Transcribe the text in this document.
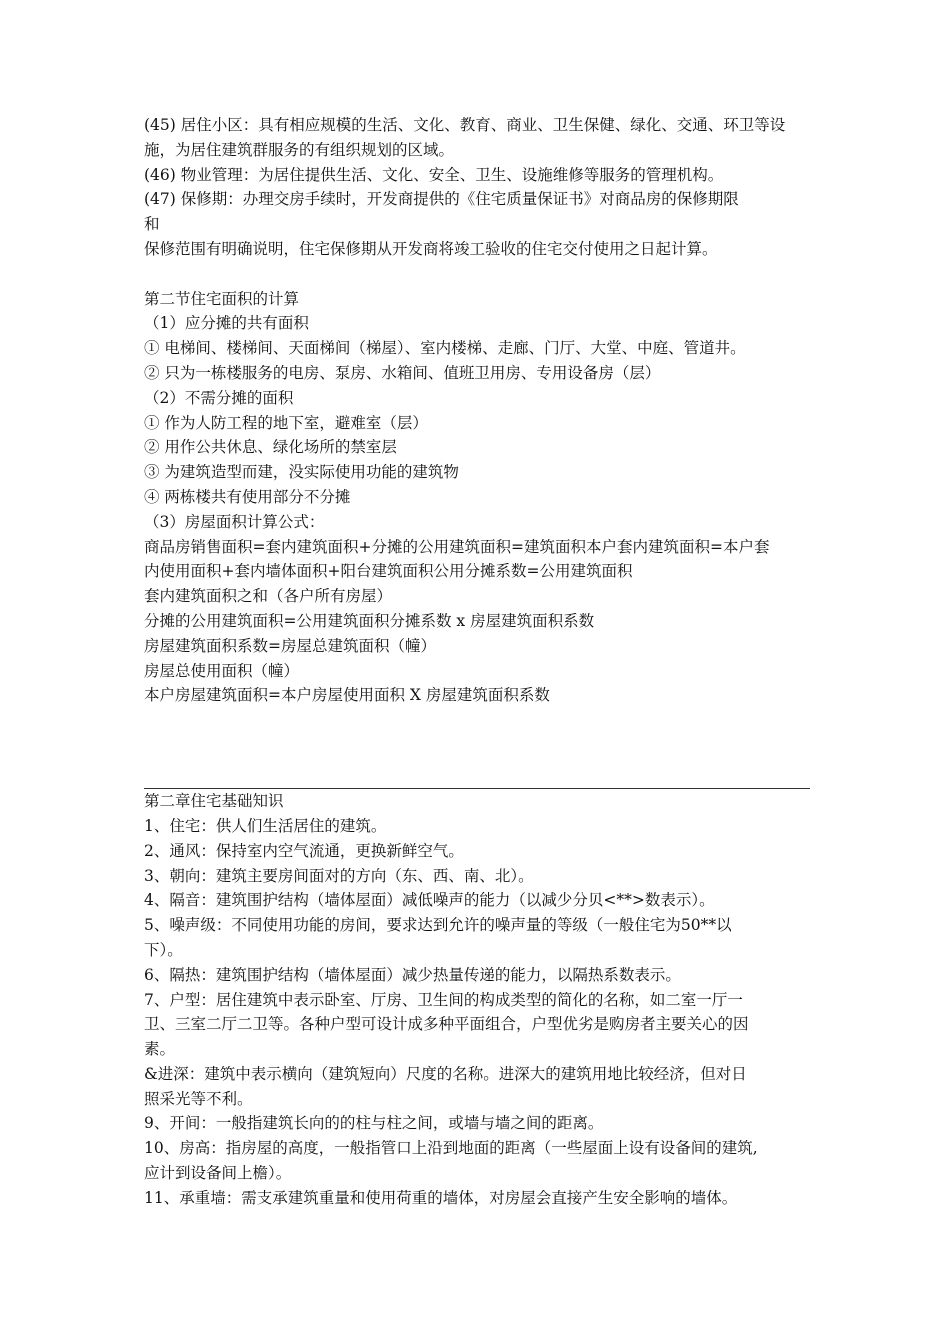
(45) 居住小区：具有相应规模的生活、文化、教育、商业、卫生保健、绿化、交通、环卫等设施，为居住建筑群服务的有组织规划的区域。

(46) 物业管理：为居住提供生活、文化、安全、卫生、设施维修等服务的管理机构。

(47) 保修期：办理交房手续时，开发商提供的《住宅质量保证书》对商品房的保修期限

和

保修范围有明确说明，住宅保修期从开发商将竣工验收的住宅交付使用之日起计算。

第二节住宅面积的计算

（1）应分摊的共有面积

① 电梯间、楼梯间、天面梯间（梯屋）、室内楼梯、走廊、门厅、大堂、中庭、管道井。

② 只为一栋楼服务的电房、泵房、水箱间、值班卫用房、专用设备房（层）

（2）不需分摊的面积

① 作为人防工程的地下室，避难室（层）

② 用作公共休息、绿化场所的禁室层

③ 为建筑造型而建，没实际使用功能的建筑物

④ 两栋楼共有使用部分不分摊

（3）房屋面积计算公式：

商品房销售面积=套内建筑面积+分摊的公用建筑面积=建筑面积本户套内建筑面积=本户套

内使用面积+套内墙体面积+阳台建筑面积公用分摊系数=公用建筑面积

套内建筑面积之和（各户所有房屋）

分摊的公用建筑面积=公用建筑面积分摊系数 x 房屋建筑面积系数

房屋建筑面积系数=房屋总建筑面积（幢）

房屋总使用面积（幢）

本户房屋建筑面积=本户房屋使用面积 X 房屋建筑面积系数

第二章住宅基础知识

1、住宅：供人们生活居住的建筑。

2、通风：保持室内空气流通，更换新鲜空气。

3、朝向：建筑主要房间面对的方向（东、西、南、北）。

4、隔音：建筑围护结构（墙体屋面）减低噪声的能力（以减少分贝<**>数表示）。

5、噪声级：不同使用功能的房间，要求达到允许的噪声量的等级（一般住宅为50**以

下）。

6、隔热：建筑围护结构（墙体屋面）减少热量传递的能力，以隔热系数表示。

7、户型：居住建筑中表示卧室、厅房、卫生间的构成类型的简化的名称，如二室一厅一

卫、三室二厅二卫等。各种户型可设计成多种平面组合，户型优劣是购房者主要关心的因

素。

&进深：建筑中表示横向（建筑短向）尺度的名称。进深大的建筑用地比较经济，但对日

照采光等不利。

9、开间：一般指建筑长向的的柱与柱之间，或墙与墙之间的距离。

10、房高：指房屋的高度，一般指管口上沿到地面的距离（一些屋面上设有设备间的建筑,

应计到设备间上檐）。

11、承重墙：需支承建筑重量和使用荷重的墙体，对房屋会直接产生安全影响的墙体。
